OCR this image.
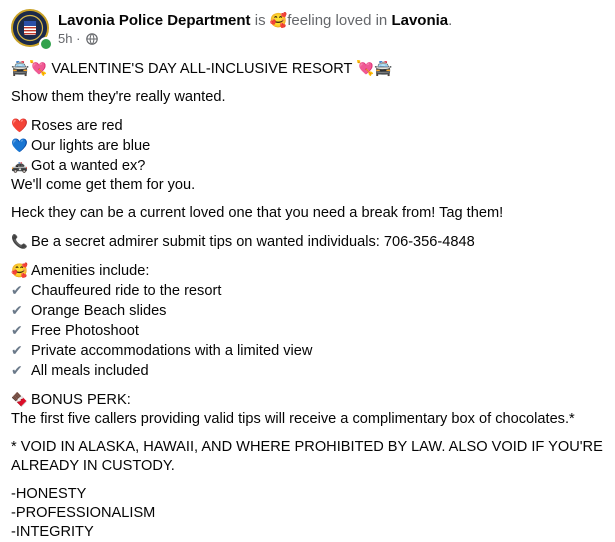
Lavonia Police Department is 🥰feeling loved in Lavonia.
5h ·
🚔💘 VALENTINE'S DAY ALL-INCLUSIVE RESORT 💘🚔
Show them they're really wanted.
❤️ Roses are red
💙 Our lights are blue
🚓 Got a wanted ex?
We'll come get them for you.
Heck they can be a current loved one that you need a break from! Tag them!
📞 Be a secret admirer submit tips on wanted individuals: 706-356-4848
🥰 Amenities include:
✔ Chauffeured ride to the resort
✔ Orange Beach slides
✔ Free Photoshoot
✔ Private accommodations with a limited view
✔ All meals included
🍫 BONUS PERK:
The first five callers providing valid tips will receive a complimentary box of chocolates.*
* VOID IN ALASKA, HAWAII, AND WHERE PROHIBITED BY LAW. ALSO VOID IF YOU'RE
ALREADY IN CUSTODY.
-HONESTY
-PROFESSIONALISM
-INTEGRITY
